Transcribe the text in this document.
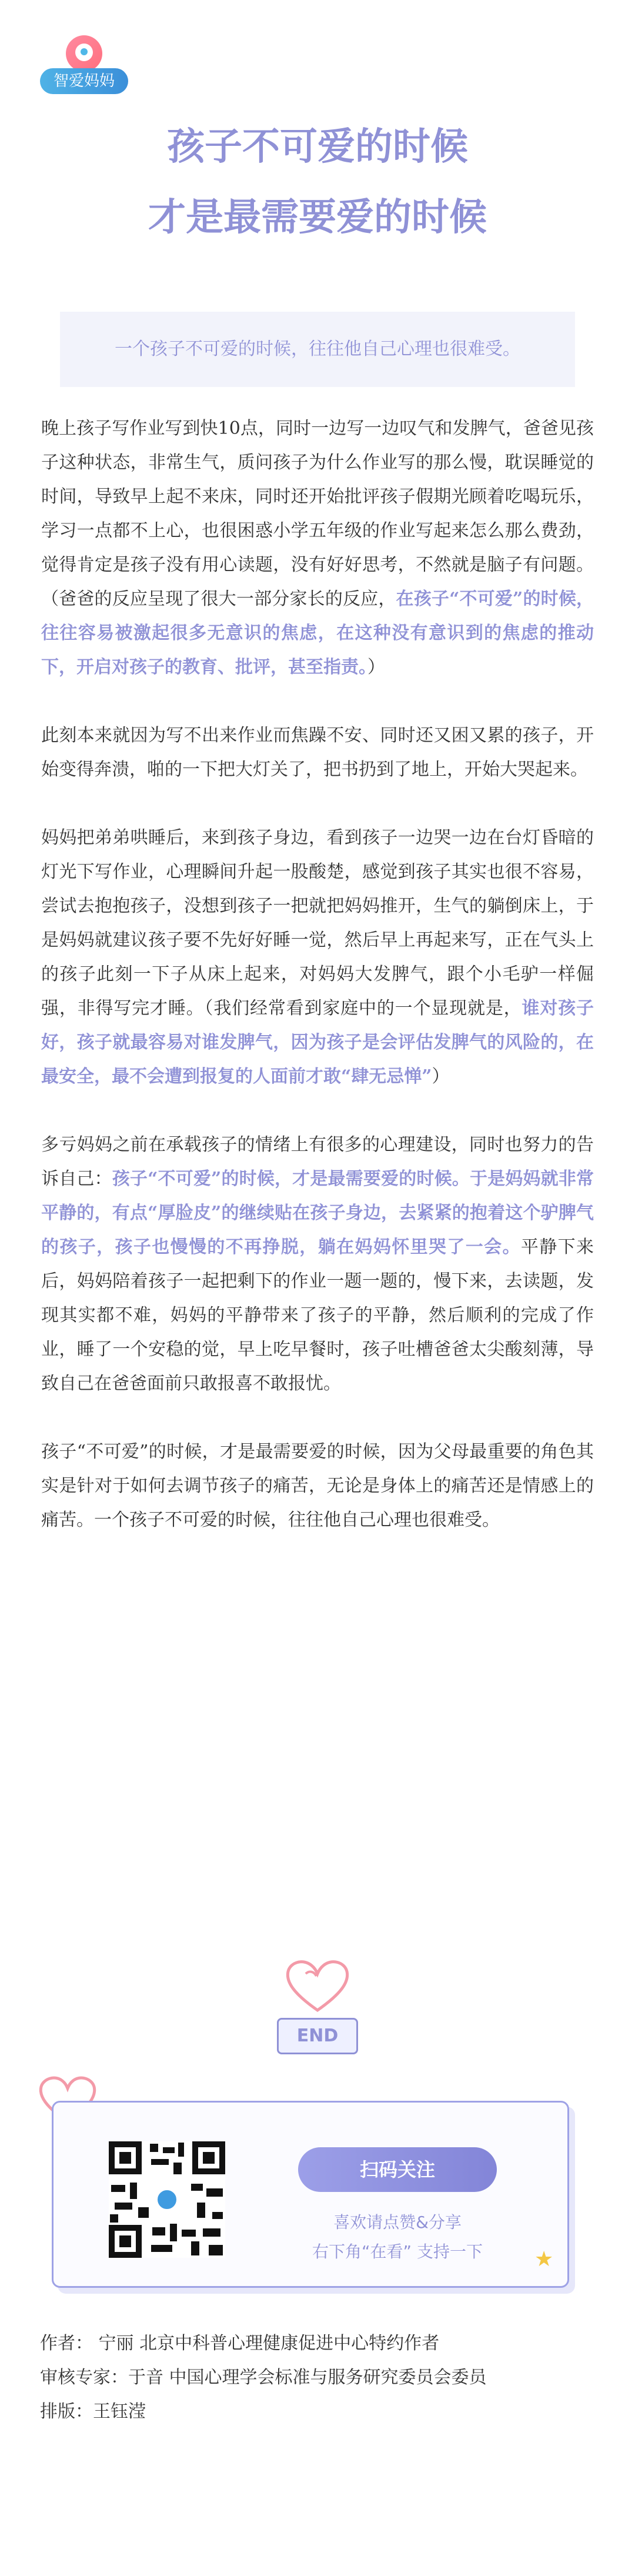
智爱妈妈
孩子不可爱的时候
才是最需要爱的时候
一个孩子不可爱的时候，往往他自己心理也很难受。

晚上孩子写作业写到快10点，同时一边写一边叹气和发脾气，爸爸见孩子这种状态，非常生气，质问孩子为什么作业写的那么慢，耽误睡觉的时间，导致早上起不来床，同时还开始批评孩子假期光顾着吃喝玩乐，学习一点都不上心，也很困惑小学五年级的作业写起来怎么那么费劲，觉得肯定是孩子没有用心读题，没有好好思考，不然就是脑子有问题。（爸爸的反应呈现了很大一部分家长的反应，在孩子“不可爱”的时候，往往容易被激起很多无意识的焦虑，在这种没有意识到的焦虑的推动下，开启对孩子的教育、批评，甚至指责。）

此刻本来就因为写不出来作业而焦躁不安、同时还又困又累的孩子，开始变得奔溃，啪的一下把大灯关了，把书扔到了地上，开始大哭起来。

妈妈把弟弟哄睡后，来到孩子身边，看到孩子一边哭一边在台灯昏暗的灯光下写作业，心理瞬间升起一股酸楚，感觉到孩子其实也很不容易，尝试去抱抱孩子，没想到孩子一把就把妈妈推开，生气的躺倒床上，于是妈妈就建议孩子要不先好好睡一觉，然后早上再起来写，正在气头上的孩子此刻一下子从床上起来，对妈妈大发脾气，跟个小毛驴一样倔强，非得写完才睡。（我们经常看到家庭中的一个显现就是，谁对孩子好，孩子就最容易对谁发脾气，因为孩子是会评估发脾气的风险的，在最安全，最不会遭到报复的人面前才敢“肆无忌惮”）

多亏妈妈之前在承载孩子的情绪上有很多的心理建设，同时也努力的告诉自己：孩子“不可爱”的时候，才是最需要爱的时候。于是妈妈就非常平静的，有点“厚脸皮”的继续贴在孩子身边，去紧紧的抱着这个驴脾气的孩子，孩子也慢慢的不再挣脱，躺在妈妈怀里哭了一会。平静下来后，妈妈陪着孩子一起把剩下的作业一题一题的，慢下来，去读题，发现其实都不难，妈妈的平静带来了孩子的平静，然后顺利的完成了作业，睡了一个安稳的觉，早上吃早餐时，孩子吐槽爸爸太尖酸刻薄，导致自己在爸爸面前只敢报喜不敢报忧。

孩子“不可爱”的时候，才是最需要爱的时候，因为父母最重要的角色其实是针对于如何去调节孩子的痛苦，无论是身体上的痛苦还是情感上的痛苦。一个孩子不可爱的时候，往往他自己心理也很难受。

END
扫码关注
喜欢请点赞&分享
右下角“在看” 支持一下	★
作者： 宁丽 北京中科普心理健康促进中心特约作者
审核专家：于音 中国心理学会标准与服务研究委员会委员
排版：王钰滢
